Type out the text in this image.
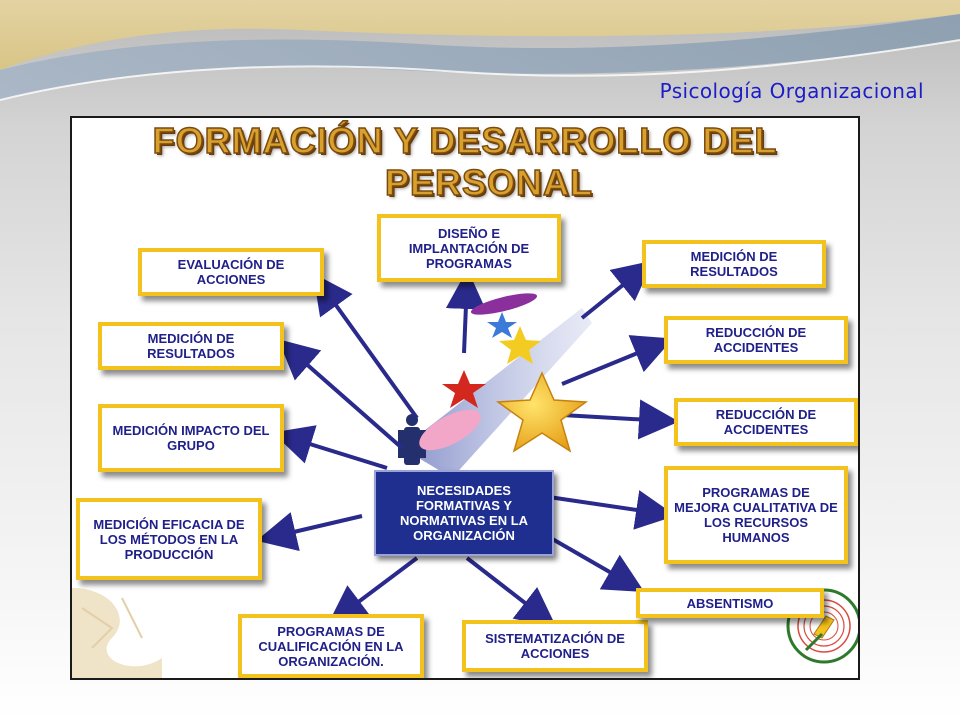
Psicología Organizacional
FORMACIÓN Y DESARROLLO DEL
PERSONAL
DISEÑO E IMPLANTACIÓN DE PROGRAMAS
EVALUACIÓN DE ACCIONES
MEDICIÓN DE RESULTADOS
MEDICIÓN IMPACTO DEL GRUPO
MEDICIÓN EFICACIA DE LOS MÉTODOS EN LA PRODUCCIÓN
PROGRAMAS DE CUALIFICACIÓN EN LA ORGANIZACIÓN.
SISTEMATIZACIÓN DE ACCIONES
ABSENTISMO
PROGRAMAS DE MEJORA CUALITATIVA DE LOS RECURSOS HUMANOS
REDUCCIÓN DE ACCIDENTES
REDUCCIÓN DE ACCIDENTES
MEDICIÓN DE RESULTADOS
NECESIDADES FORMATIVAS Y NORMATIVAS EN LA ORGANIZACIÓN
